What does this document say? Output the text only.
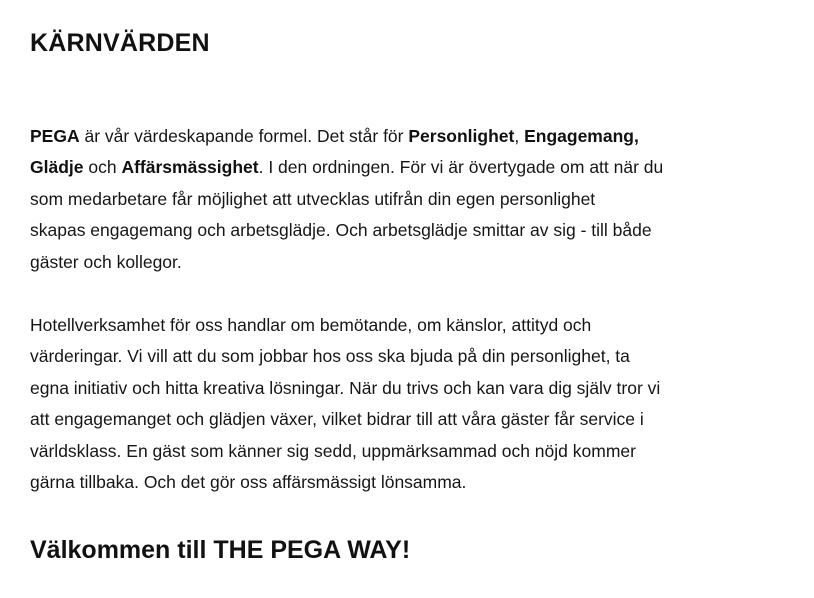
KÄRNVÄRDEN

PEGA är vår värdeskapande formel. Det står för Personlighet, Engagemang,
Glädje och Affärsmässighet. I den ordningen. För vi är övertygade om att när du
som medarbetare får möjlighet att utvecklas utifrån din egen personlighet
skapas engagemang och arbetsglädje. Och arbetsglädje smittar av sig - till både
gäster och kollegor.

Hotellverksamhet för oss handlar om bemötande, om känslor, attityd och
värderingar. Vi vill att du som jobbar hos oss ska bjuda på din personlighet, ta
egna initiativ och hitta kreativa lösningar. När du trivs och kan vara dig själv tror vi
att engagemanget och glädjen växer, vilket bidrar till att våra gäster får service i
världsklass. En gäst som känner sig sedd, uppmärksammad och nöjd kommer
gärna tillbaka. Och det gör oss affärsmässigt lönsamma.

Välkommen till THE PEGA WAY!
